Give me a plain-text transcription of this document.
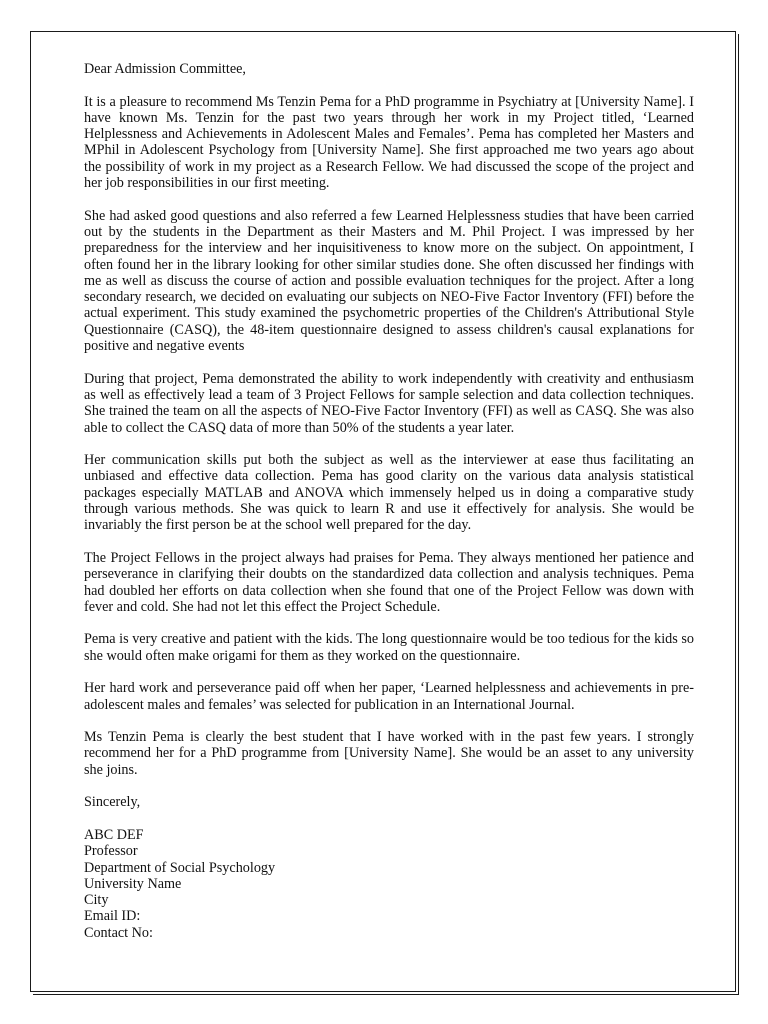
Dear Admission Committee,

It is a pleasure to recommend Ms Tenzin Pema for a PhD programme in Psychiatry at [University Name]. I have known Ms. Tenzin for the past two years through her work in my Project titled, ‘Learned Helplessness and Achievements in Adolescent Males and Females’. Pema has completed her Masters and MPhil in Adolescent Psychology from [University Name]. She first approached me two years ago about the possibility of work in my project as a Research Fellow. We had discussed the scope of the project and her job responsibilities in our first meeting.

She had asked good questions and also referred a few Learned Helplessness studies that have been carried out by the students in the Department as their Masters and M. Phil Project. I was impressed by her preparedness for the interview and her inquisitiveness to know more on the subject. On appointment, I often found her in the library looking for other similar studies done. She often discussed her findings with me as well as discuss the course of action and possible evaluation techniques for the project. After a long secondary research, we decided on evaluating our subjects on NEO-Five Factor Inventory (FFI) before the actual experiment. This study examined the psychometric properties of the Children's Attributional Style Questionnaire (CASQ), the 48-item questionnaire designed to assess children's causal explanations for positive and negative events

During that project, Pema demonstrated the ability to work independently with creativity and enthusiasm as well as effectively lead a team of 3 Project Fellows for sample selection and data collection techniques. She trained the team on all the aspects of NEO-Five Factor Inventory (FFI) as well as CASQ. She was also able to collect the CASQ data of more than 50% of the students a year later.

Her communication skills put both the subject as well as the interviewer at ease thus facilitating an unbiased and effective data collection. Pema has good clarity on the various data analysis statistical packages especially MATLAB and ANOVA which immensely helped us in doing a comparative study through various methods. She was quick to learn R and use it effectively for analysis. She would be invariably the first person be at the school well prepared for the day.

The Project Fellows in the project always had praises for Pema. They always mentioned her patience and perseverance in clarifying their doubts on the standardized data collection and analysis techniques. Pema had doubled her efforts on data collection when she found that one of the Project Fellow was down with fever and cold. She had not let this effect the Project Schedule.

Pema is very creative and patient with the kids. The long questionnaire would be too tedious for the kids so she would often make origami for them as they worked on the questionnaire.

Her hard work and perseverance paid off when her paper, ‘Learned helplessness and achievements in pre-adolescent males and females’ was selected for publication in an International Journal.

Ms Tenzin Pema is clearly the best student that I have worked with in the past few years. I strongly recommend her for a PhD programme from [University Name]. She would be an asset to any university she joins.

Sincerely,

ABC DEF
Professor
Department of Social Psychology
University Name
City
Email ID:
Contact No:
